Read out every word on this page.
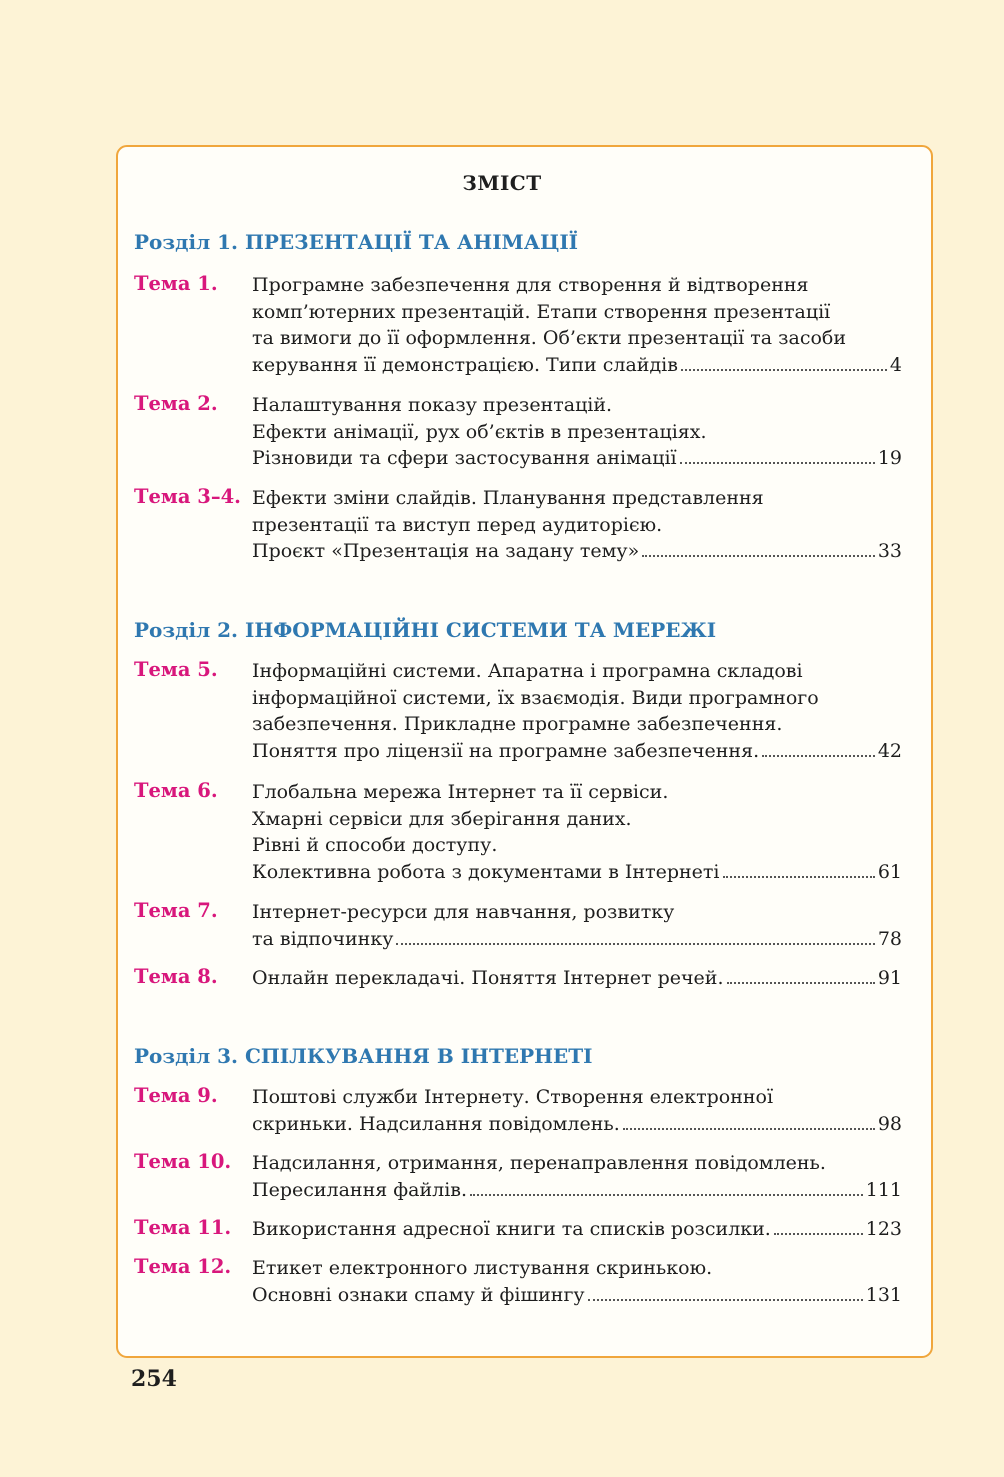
ЗМІСТ
Розділ 1. ПРЕЗЕНТАЦІЇ ТА АНІМАЦІЇ
Тема 1. Програмне забезпечення для створення й відтворення
комп’ютерних презентацій. Етапи створення презентації
та вимоги до її оформлення. Об’єкти презентації та засоби
керування її демонстрацією. Типи слайдів	4
Тема 2. Налаштування показу презентацій.
Ефекти анімації, рух об’єктів в презентаціях.
Різновиди та сфери застосування анімації	19
Тема 3–4. Ефекти зміни слайдів. Планування представлення
презентації та виступ перед аудиторією.
Проєкт «Презентація на задану тему»	33
Розділ 2. ІНФОРМАЦІЙНІ СИСТЕМИ ТА МЕРЕЖІ
Тема 5. Інформаційні системи. Апаратна і програмна складові
інформаційної системи, їх взаємодія. Види програмного
забезпечення. Прикладне програмне забезпечення.
Поняття про ліцензії на програмне забезпечення.	42
Тема 6. Глобальна мережа Інтернет та її сервіси.
Хмарні сервіси для зберігання даних.
Рівні й способи доступу.
Колективна робота з документами в Інтернеті	61
Тема 7. Інтернет-ресурси для навчання, розвитку
та відпочинку	78
Тема 8. Онлайн перекладачі. Поняття Інтернет речей.	91
Розділ 3. СПІЛКУВАННЯ В ІНТЕРНЕТІ
Тема 9. Поштові служби Інтернету. Створення електронної
скриньки. Надсилання повідомлень.	98
Тема 10. Надсилання, отримання, перенаправлення повідомлень.
Пересилання файлів.	111
Тема 11. Використання адресної книги та списків розсилки.	123
Тема 12. Етикет електронного листування скринькою.
Основні ознаки спаму й фішингу	131
254
